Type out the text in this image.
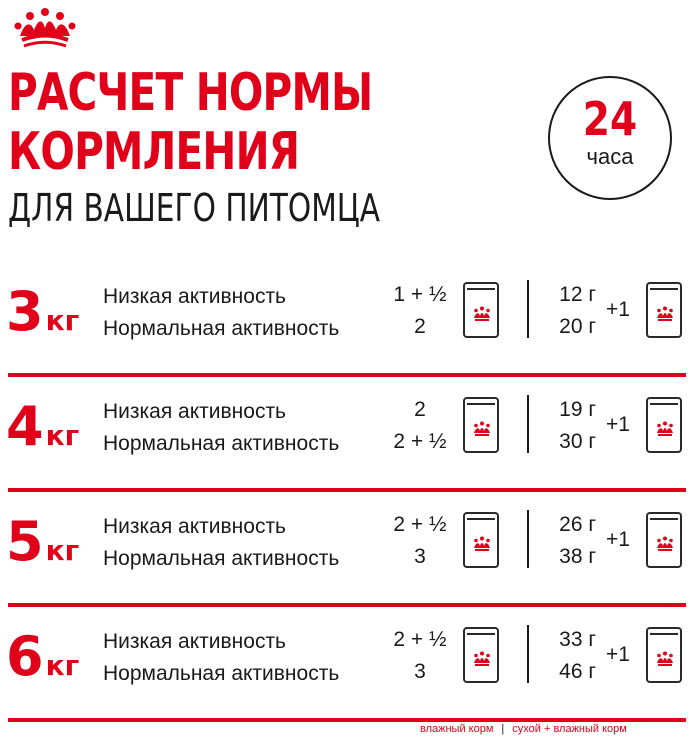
РАСЧЕТ НОРМЫ
КОРМЛЕНИЯ
ДЛЯ ВАШЕГО ПИТОМЦА
24
часа
3кг
Низкая активность
Нормальная активность
1 + ½
2
12 г
20 г
+1
4кг
Низкая активность
Нормальная активность
2
2 + ½
19 г
30 г
+1
5кг
Низкая активность
Нормальная активность
2 + ½
3
26 г
38 г
+1
6кг
Низкая активность
Нормальная активность
2 + ½
3
33 г
46 г
+1
влажный корм | сухой + влажный корм
